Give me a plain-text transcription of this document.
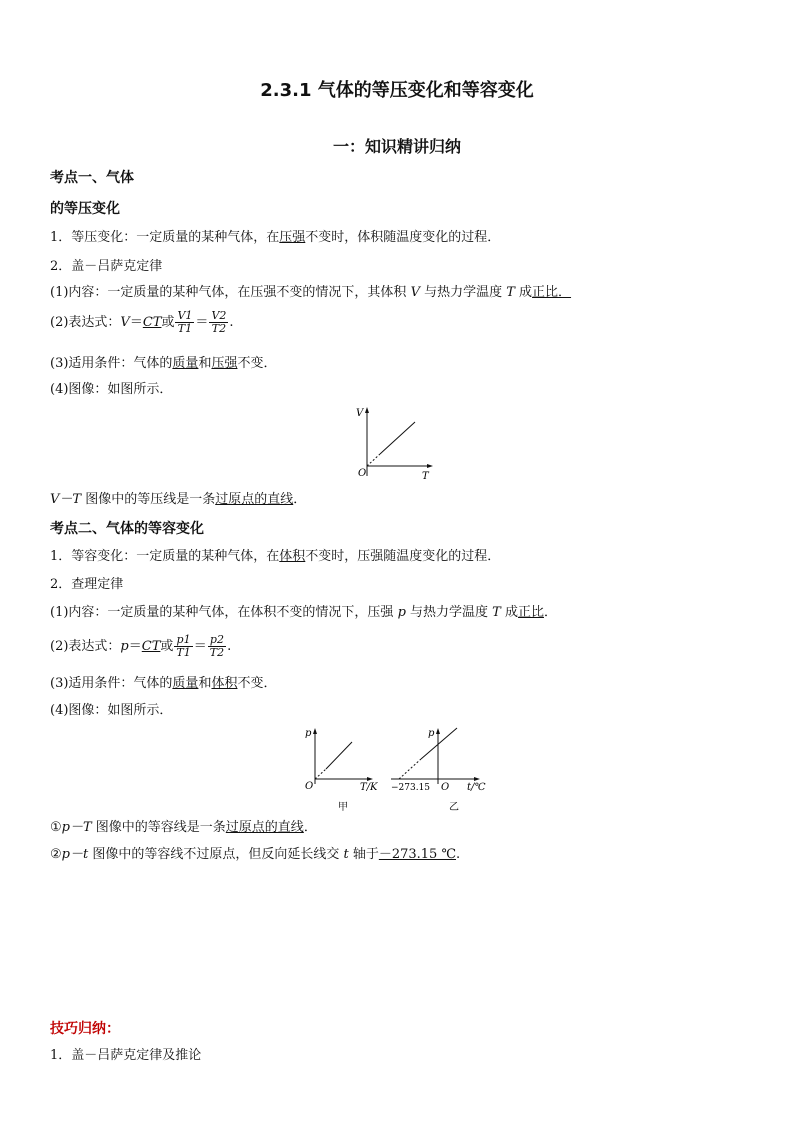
2.3.1 气体的等压变化和等容变化
一：知识精讲归纳
考点一、气体
的等压变化
1．等压变化：一定质量的某种气体，在压强不变时，体积随温度变化的过程．
2．盖－吕萨克定律
(1)内容：一定质量的某种气体，在压强不变的情况下，其体积 V 与热力学温度 T 成正比．
(2)表达式：V＝CT或 $\frac{V1}{T1} = \frac{V2}{T2}$ .
(3)适用条件：气体的质量和压强不变．
(4)图像：如图所示．
V
T
O
V－T 图像中的等压线是一条过原点的直线．
考点二、气体的等容变化
1．等容变化：一定质量的某种气体，在体积不变时，压强随温度变化的过程．
2．查理定律
(1)内容：一定质量的某种气体，在体积不变的情况下，压强 p 与热力学温度 T 成正比．
(2)表达式：p＝CT或 $\frac{p1}{T1} = \frac{p2}{T2}$ .
(3)适用条件：气体的质量和体积不变．
(4)图像：如图所示．
p
T/K
O
甲
p
t/℃
O
−273.15
乙
①p－T 图像中的等容线是一条过原点的直线．
②p－t 图像中的等容线不过原点，但反向延长线交 t 轴于－273.15 ℃.
技巧归纳：
1．盖－吕萨克定律及推论
